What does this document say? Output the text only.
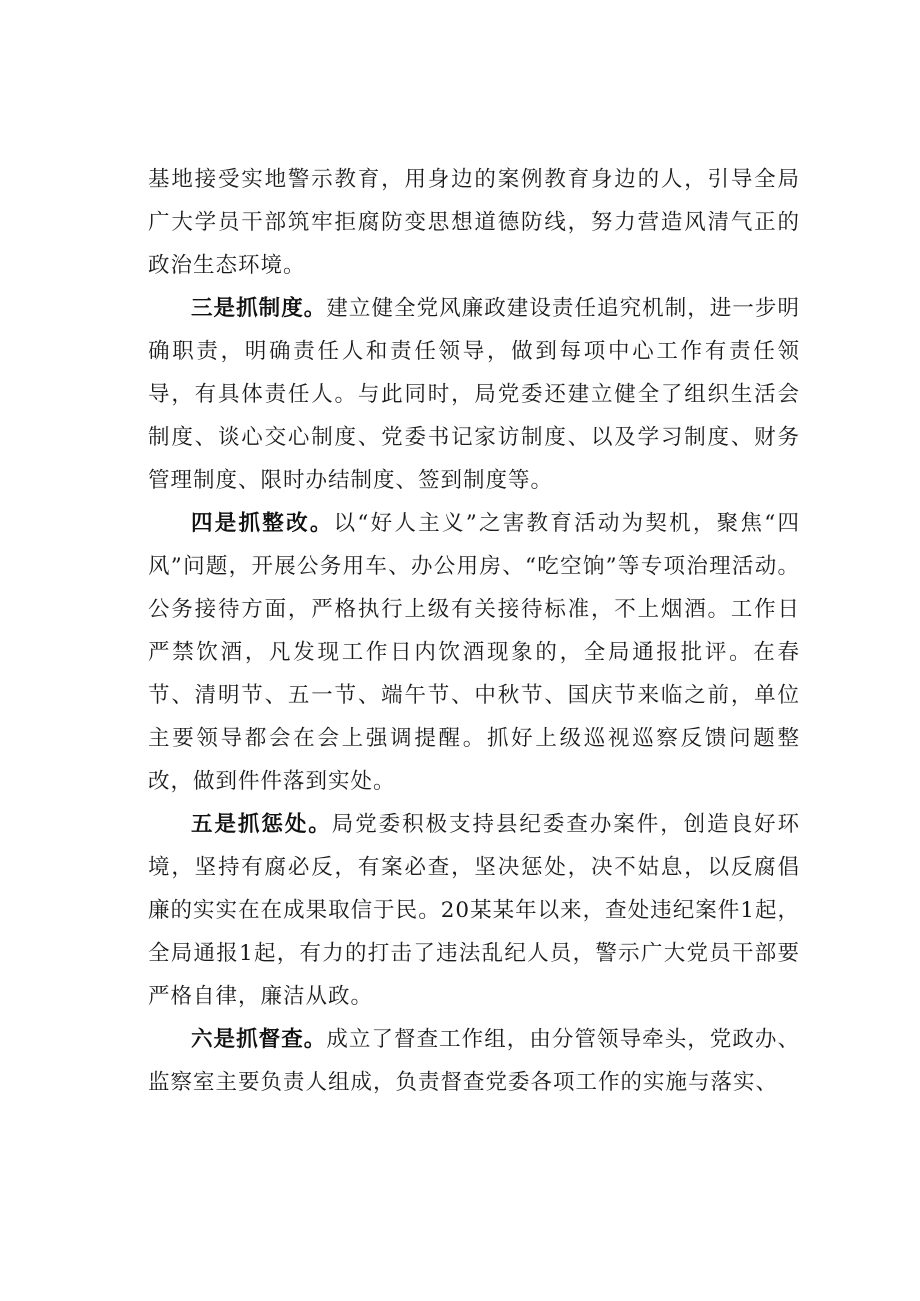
基地接受实地警示教育，用身边的案例教育身边的人，引导全局广大学员干部筑牢拒腐防变思想道德防线，努力营造风清气正的政治生态环境。

三是抓制度。建立健全党风廉政建设责任追究机制，进一步明确职责，明确责任人和责任领导，做到每项中心工作有责任领导，有具体责任人。与此同时，局党委还建立健全了组织生活会制度、谈心交心制度、党委书记家访制度、以及学习制度、财务管理制度、限时办结制度、签到制度等。

四是抓整改。以“好人主义”之害教育活动为契机，聚焦“四风”问题，开展公务用车、办公用房、“吃空饷”等专项治理活动。公务接待方面，严格执行上级有关接待标准，不上烟酒。工作日严禁饮酒，凡发现工作日内饮酒现象的，全局通报批评。在春节、清明节、五一节、端午节、中秋节、国庆节来临之前，单位主要领导都会在会上强调提醒。抓好上级巡视巡察反馈问题整改，做到件件落到实处。

五是抓惩处。局党委积极支持县纪委查办案件，创造良好环境，坚持有腐必反，有案必查，坚决惩处，决不姑息，以反腐倡廉的实实在在成果取信于民。20某某年以来，查处违纪案件1起，全局通报1起，有力的打击了违法乱纪人员，警示广大党员干部要严格自律，廉洁从政。

六是抓督查。成立了督查工作组，由分管领导牵头，党政办、监察室主要负责人组成，负责督查党委各项工作的实施与落实、
